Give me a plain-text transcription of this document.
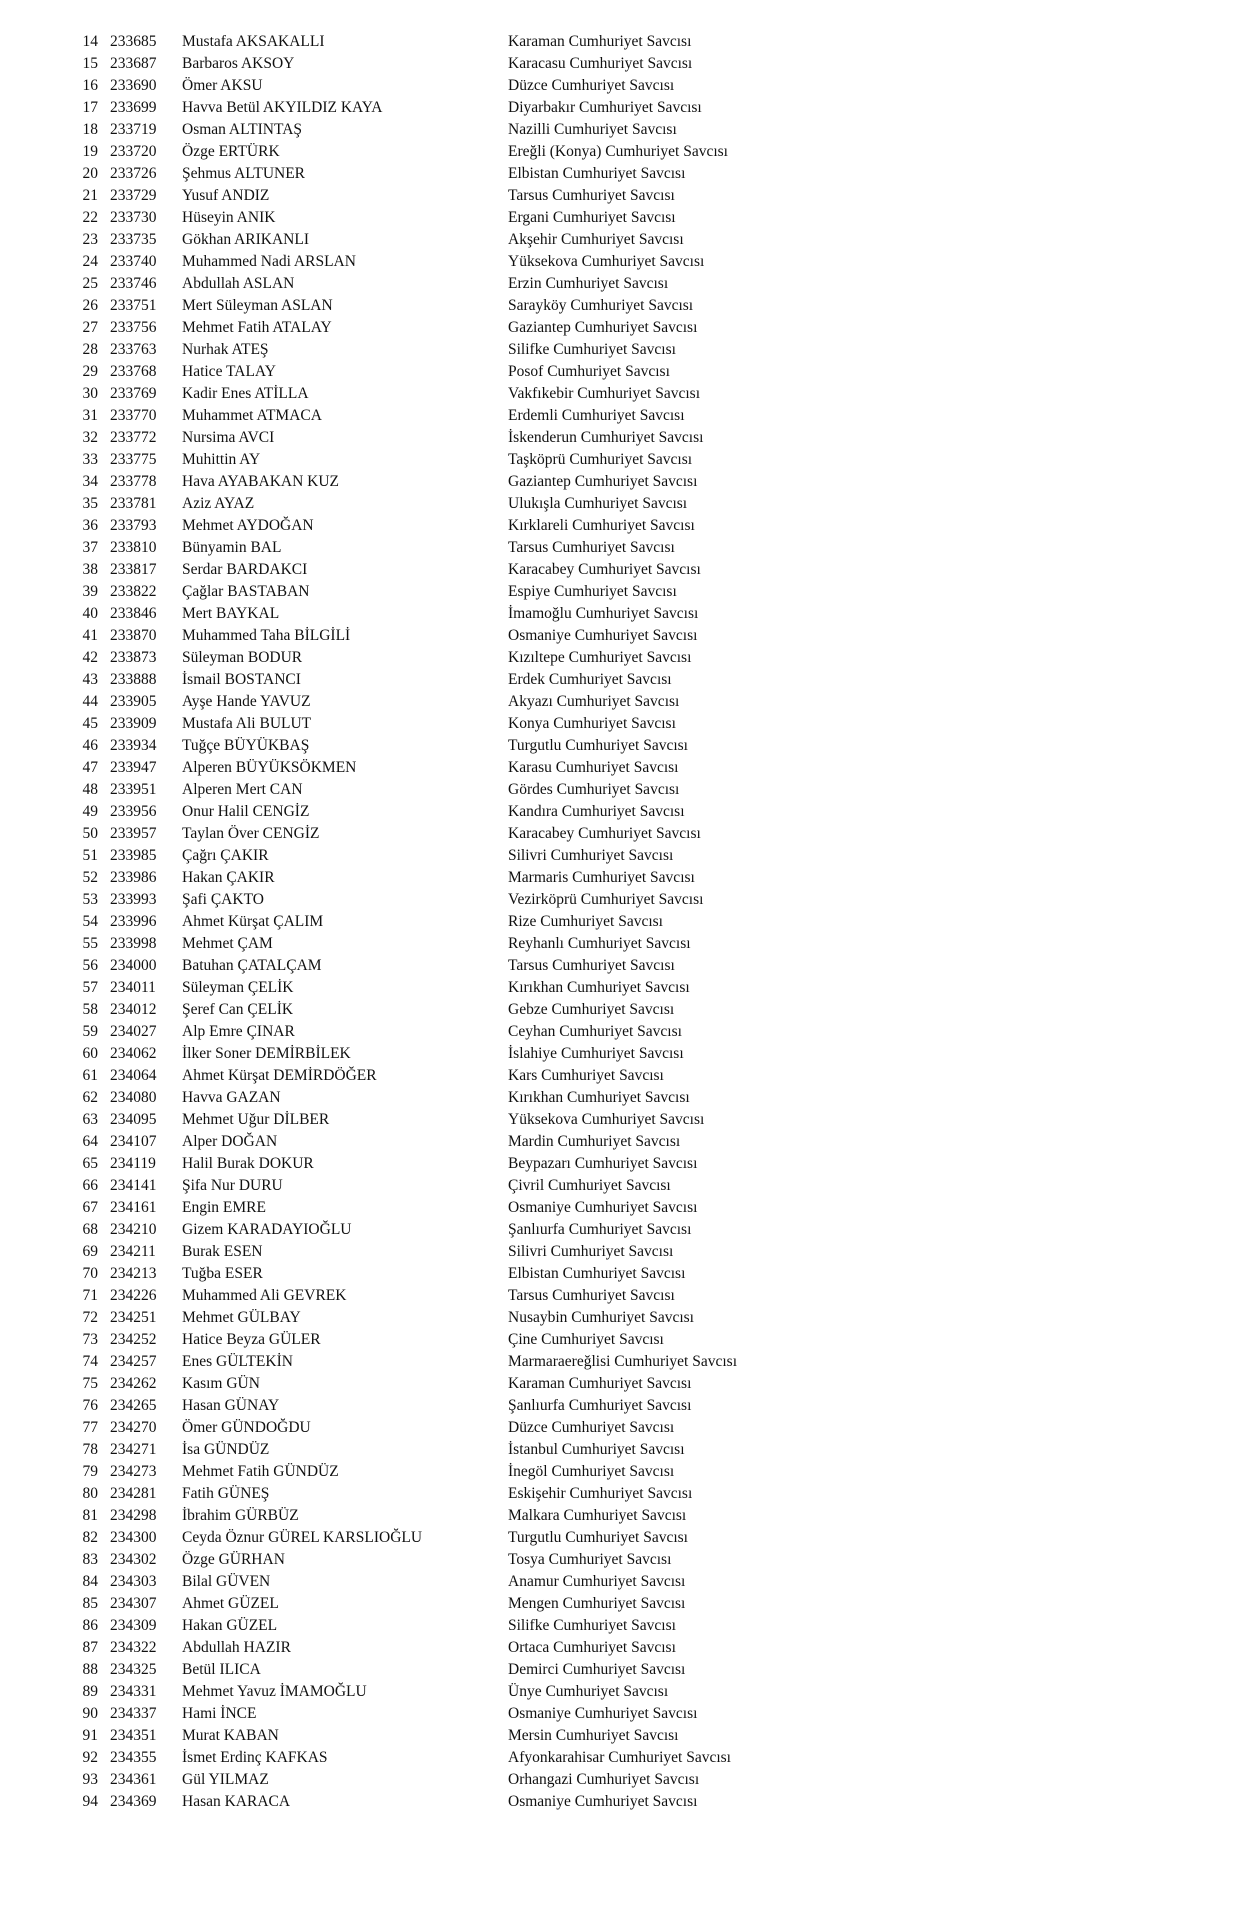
14 233685	Mustafa AKSAKALLI	Karaman Cumhuriyet Savcısı
15 233687	Barbaros AKSOY	Karacasu Cumhuriyet Savcısı
16 233690	Ömer AKSU	Düzce Cumhuriyet Savcısı
17 233699	Havva Betül AKYILDIZ KAYA	Diyarbakır Cumhuriyet Savcısı
18 233719	Osman ALTINTAŞ	Nazilli Cumhuriyet Savcısı
19 233720	Özge ERTÜRK	Ereğli (Konya) Cumhuriyet Savcısı
20 233726	Şehmus ALTUNER	Elbistan Cumhuriyet Savcısı
21 233729	Yusuf ANDIZ	Tarsus Cumhuriyet Savcısı
22 233730	Hüseyin ANIK	Ergani Cumhuriyet Savcısı
23 233735	Gökhan ARIKANLI	Akşehir Cumhuriyet Savcısı
24 233740	Muhammed Nadi ARSLAN	Yüksekova Cumhuriyet Savcısı
25 233746	Abdullah ASLAN	Erzin Cumhuriyet Savcısı
26 233751	Mert Süleyman ASLAN	Sarayköy Cumhuriyet Savcısı
27 233756	Mehmet Fatih ATALAY	Gaziantep Cumhuriyet Savcısı
28 233763	Nurhak ATEŞ	Silifke Cumhuriyet Savcısı
29 233768	Hatice TALAY	Posof Cumhuriyet Savcısı
30 233769	Kadir Enes ATİLLA	Vakfıkebir Cumhuriyet Savcısı
31 233770	Muhammet ATMACA	Erdemli Cumhuriyet Savcısı
32 233772	Nursima AVCI	İskenderun Cumhuriyet Savcısı
33 233775	Muhittin AY	Taşköprü Cumhuriyet Savcısı
34 233778	Hava AYABAKAN KUZ	Gaziantep Cumhuriyet Savcısı
35 233781	Aziz AYAZ	Ulukışla Cumhuriyet Savcısı
36 233793	Mehmet AYDOĞAN	Kırklareli Cumhuriyet Savcısı
37 233810	Bünyamin BAL	Tarsus Cumhuriyet Savcısı
38 233817	Serdar BARDAKCI	Karacabey Cumhuriyet Savcısı
39 233822	Çağlar BASTABAN	Espiye Cumhuriyet Savcısı
40 233846	Mert BAYKAL	İmamoğlu Cumhuriyet Savcısı
41 233870	Muhammed Taha BİLGİLİ	Osmaniye Cumhuriyet Savcısı
42 233873	Süleyman BODUR	Kızıltepe Cumhuriyet Savcısı
43 233888	İsmail BOSTANCI	Erdek Cumhuriyet Savcısı
44 233905	Ayşe Hande YAVUZ	Akyazı Cumhuriyet Savcısı
45 233909	Mustafa Ali BULUT	Konya Cumhuriyet Savcısı
46 233934	Tuğçe BÜYÜKBAŞ	Turgutlu Cumhuriyet Savcısı
47 233947	Alperen BÜYÜKSÖKMEN	Karasu Cumhuriyet Savcısı
48 233951	Alperen Mert CAN	Gördes Cumhuriyet Savcısı
49 233956	Onur Halil CENGİZ	Kandıra Cumhuriyet Savcısı
50 233957	Taylan Över CENGİZ	Karacabey Cumhuriyet Savcısı
51 233985	Çağrı ÇAKIR	Silivri Cumhuriyet Savcısı
52 233986	Hakan ÇAKIR	Marmaris Cumhuriyet Savcısı
53 233993	Şafi ÇAKTO	Vezirköprü Cumhuriyet Savcısı
54 233996	Ahmet Kürşat ÇALIM	Rize Cumhuriyet Savcısı
55 233998	Mehmet ÇAM	Reyhanlı Cumhuriyet Savcısı
56 234000	Batuhan ÇATALÇAM	Tarsus Cumhuriyet Savcısı
57 234011	Süleyman ÇELİK	Kırıkhan Cumhuriyet Savcısı
58 234012	Şeref Can ÇELİK	Gebze Cumhuriyet Savcısı
59 234027	Alp Emre ÇINAR	Ceyhan Cumhuriyet Savcısı
60 234062	İlker Soner DEMİRBİLEK	İslahiye Cumhuriyet Savcısı
61 234064	Ahmet Kürşat DEMİRDÖĞER	Kars Cumhuriyet Savcısı
62 234080	Havva GAZAN	Kırıkhan Cumhuriyet Savcısı
63 234095	Mehmet Uğur DİLBER	Yüksekova Cumhuriyet Savcısı
64 234107	Alper DOĞAN	Mardin Cumhuriyet Savcısı
65 234119	Halil Burak DOKUR	Beypazarı Cumhuriyet Savcısı
66 234141	Şifa Nur DURU	Çivril Cumhuriyet Savcısı
67 234161	Engin EMRE	Osmaniye Cumhuriyet Savcısı
68 234210	Gizem KARADAYIOĞLU	Şanlıurfa Cumhuriyet Savcısı
69 234211	Burak ESEN	Silivri Cumhuriyet Savcısı
70 234213	Tuğba ESER	Elbistan Cumhuriyet Savcısı
71 234226	Muhammed Ali GEVREK	Tarsus Cumhuriyet Savcısı
72 234251	Mehmet GÜLBAY	Nusaybin Cumhuriyet Savcısı
73 234252	Hatice Beyza GÜLER	Çine Cumhuriyet Savcısı
74 234257	Enes GÜLTEKİN	Marmaraereğlisi Cumhuriyet Savcısı
75 234262	Kasım GÜN	Karaman Cumhuriyet Savcısı
76 234265	Hasan GÜNAY	Şanlıurfa Cumhuriyet Savcısı
77 234270	Ömer GÜNDOĞDU	Düzce Cumhuriyet Savcısı
78 234271	İsa GÜNDÜZ	İstanbul Cumhuriyet Savcısı
79 234273	Mehmet Fatih GÜNDÜZ	İnegöl Cumhuriyet Savcısı
80 234281	Fatih GÜNEŞ	Eskişehir Cumhuriyet Savcısı
81 234298	İbrahim GÜRBÜZ	Malkara Cumhuriyet Savcısı
82 234300	Ceyda Öznur GÜREL KARSLIOĞLU	Turgutlu Cumhuriyet Savcısı
83 234302	Özge GÜRHAN	Tosya Cumhuriyet Savcısı
84 234303	Bilal GÜVEN	Anamur Cumhuriyet Savcısı
85 234307	Ahmet GÜZEL	Mengen Cumhuriyet Savcısı
86 234309	Hakan GÜZEL	Silifke Cumhuriyet Savcısı
87 234322	Abdullah HAZIR	Ortaca Cumhuriyet Savcısı
88 234325	Betül ILICA	Demirci Cumhuriyet Savcısı
89 234331	Mehmet Yavuz İMAMOĞLU	Ünye Cumhuriyet Savcısı
90 234337	Hami İNCE	Osmaniye Cumhuriyet Savcısı
91 234351	Murat KABAN	Mersin Cumhuriyet Savcısı
92 234355	İsmet Erdinç KAFKAS	Afyonkarahisar Cumhuriyet Savcısı
93 234361	Gül YILMAZ	Orhangazi Cumhuriyet Savcısı
94 234369	Hasan KARACA	Osmaniye Cumhuriyet Savcısı
